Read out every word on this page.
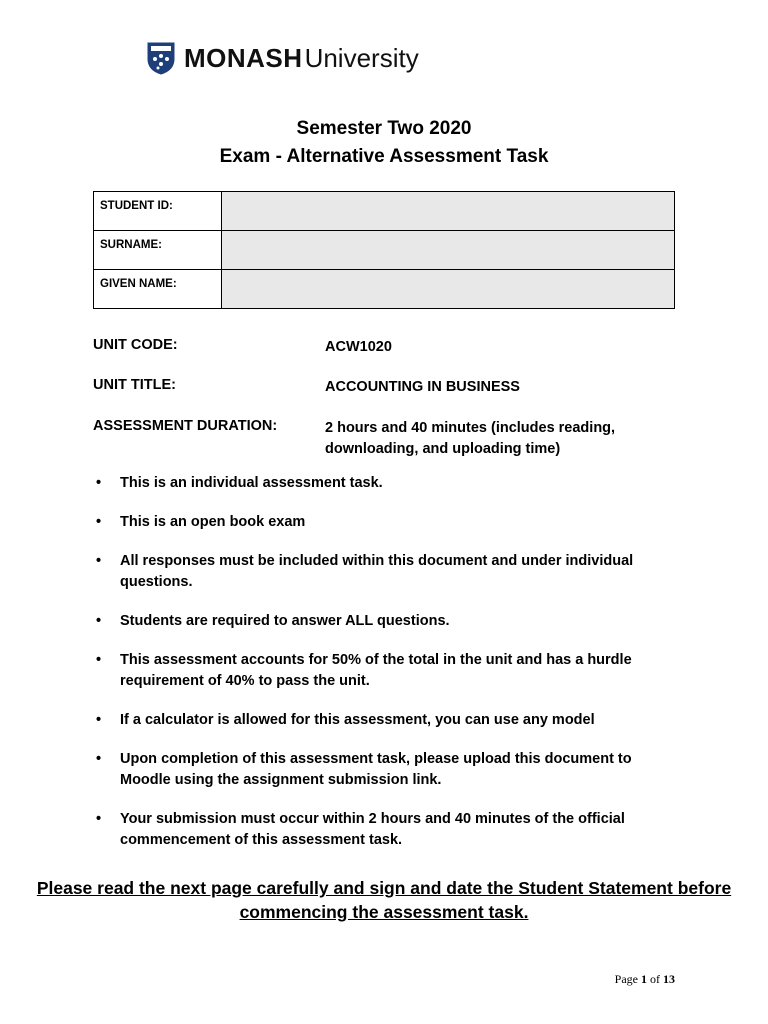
MONASH University
Semester Two 2020
Exam - Alternative Assessment Task
STUDENT ID:	
SURNAME:	
GIVEN NAME:	
UNIT CODE:	ACW1020
UNIT TITLE:	ACCOUNTING IN BUSINESS
ASSESSMENT DURATION:	2 hours and 40 minutes (includes reading, downloading, and uploading time)
• This is an individual assessment task.
• This is an open book exam
• All responses must be included within this document and under individual questions.
• Students are required to answer ALL questions.
• This assessment accounts for 50% of the total in the unit and has a hurdle requirement of 40% to pass the unit.
• If a calculator is allowed for this assessment, you can use any model
• Upon completion of this assessment task, please upload this document to Moodle using the assignment submission link.
• Your submission must occur within 2 hours and 40 minutes of the official commencement of this assessment task.
Please read the next page carefully and sign and date the Student Statement before commencing the assessment task.
Page 1 of 13
